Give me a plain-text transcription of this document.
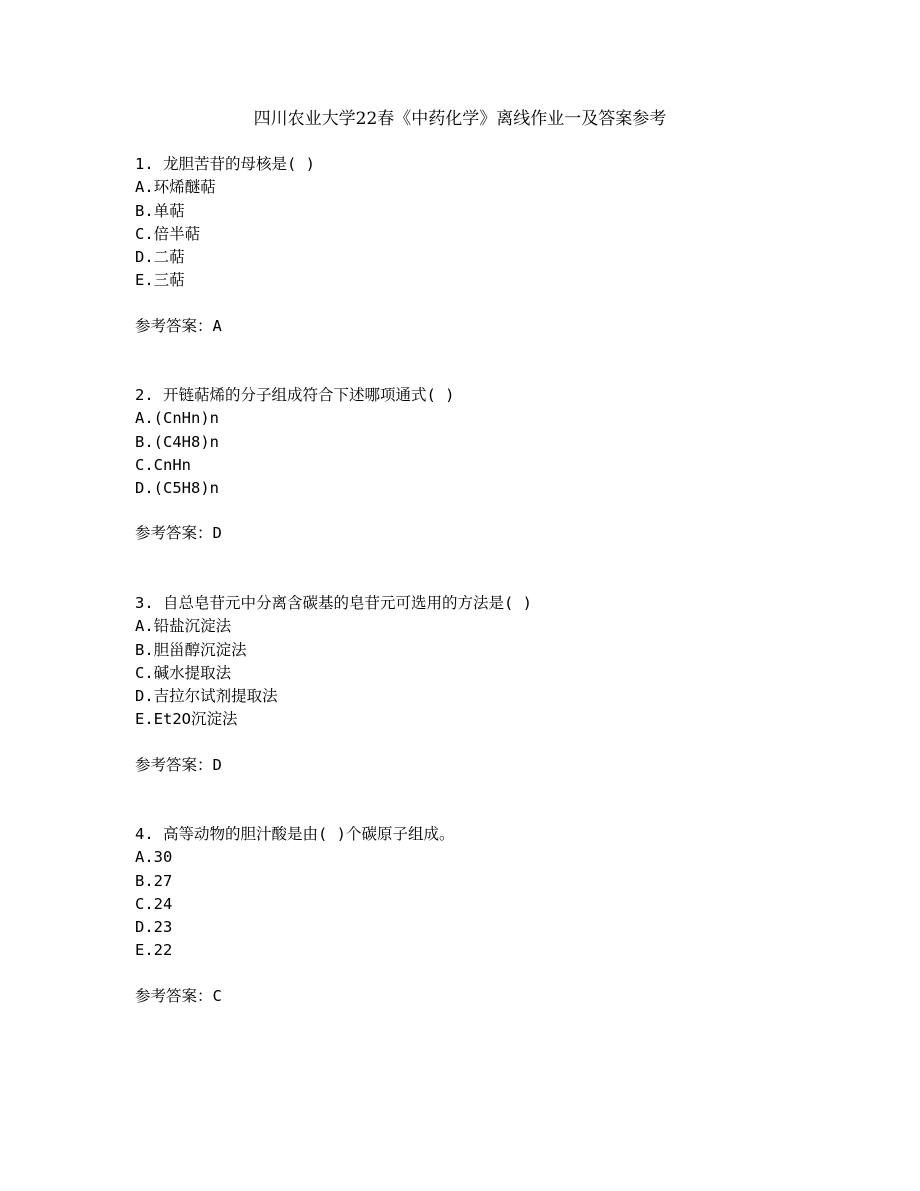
四川农业大学22春《中药化学》离线作业一及答案参考
1. 龙胆苦苷的母核是( )
A.环烯醚萜
B.单萜
C.倍半萜
D.二萜
E.三萜
参考答案：A
2. 开链萜烯的分子组成符合下述哪项通式( )
A.(CnHn)n
B.(C4H8)n
C.CnHn
D.(C5H8)n
参考答案：D
3. 自总皂苷元中分离含碳基的皂苷元可选用的方法是( )
A.铅盐沉淀法
B.胆甾醇沉淀法
C.碱水提取法
D.吉拉尔试剂提取法
E.Et2O沉淀法
参考答案：D
4. 高等动物的胆汁酸是由( )个碳原子组成。
A.30
B.27
C.24
D.23
E.22
参考答案：C
